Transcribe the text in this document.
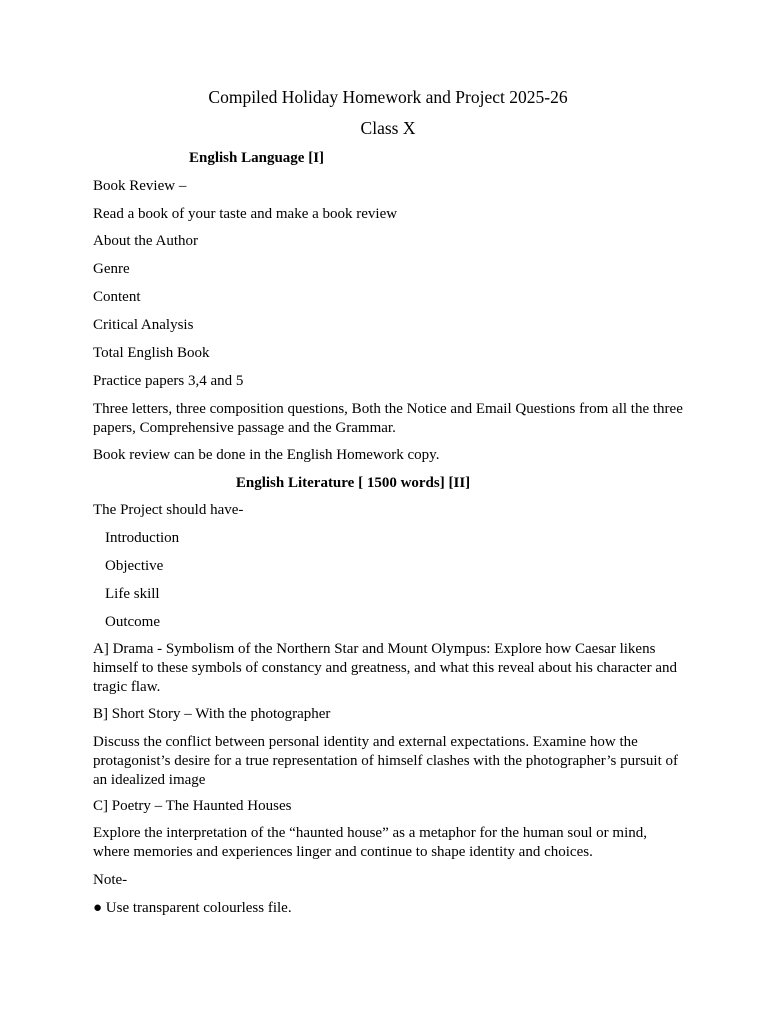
Compiled Holiday Homework and Project 2025-26

Class X

English Language [I]

Book Review –

Read a book of your taste and make a book review

About the Author

Genre

Content

Critical Analysis

Total English Book

Practice papers 3,4 and 5

Three letters, three composition questions, Both the Notice and Email Questions from all the three papers, Comprehensive passage and the Grammar.

Book review can be done in the English Homework copy.

English Literature [ 1500 words] [II]

The Project should have-

Introduction

Objective

Life skill

Outcome

A] Drama - Symbolism of the Northern Star and Mount Olympus: Explore how Caesar likens himself to these symbols of constancy and greatness, and what this reveal about his character and tragic flaw.

B] Short Story – With the photographer

Discuss the conflict between personal identity and external expectations. Examine how the protagonist’s desire for a true representation of himself clashes with the photographer’s pursuit of an idealized image

C] Poetry – The Haunted Houses

Explore the interpretation of the “haunted house” as a metaphor for the human soul or mind, where memories and experiences linger and continue to shape identity and choices.

Note-

● Use transparent colourless file.
